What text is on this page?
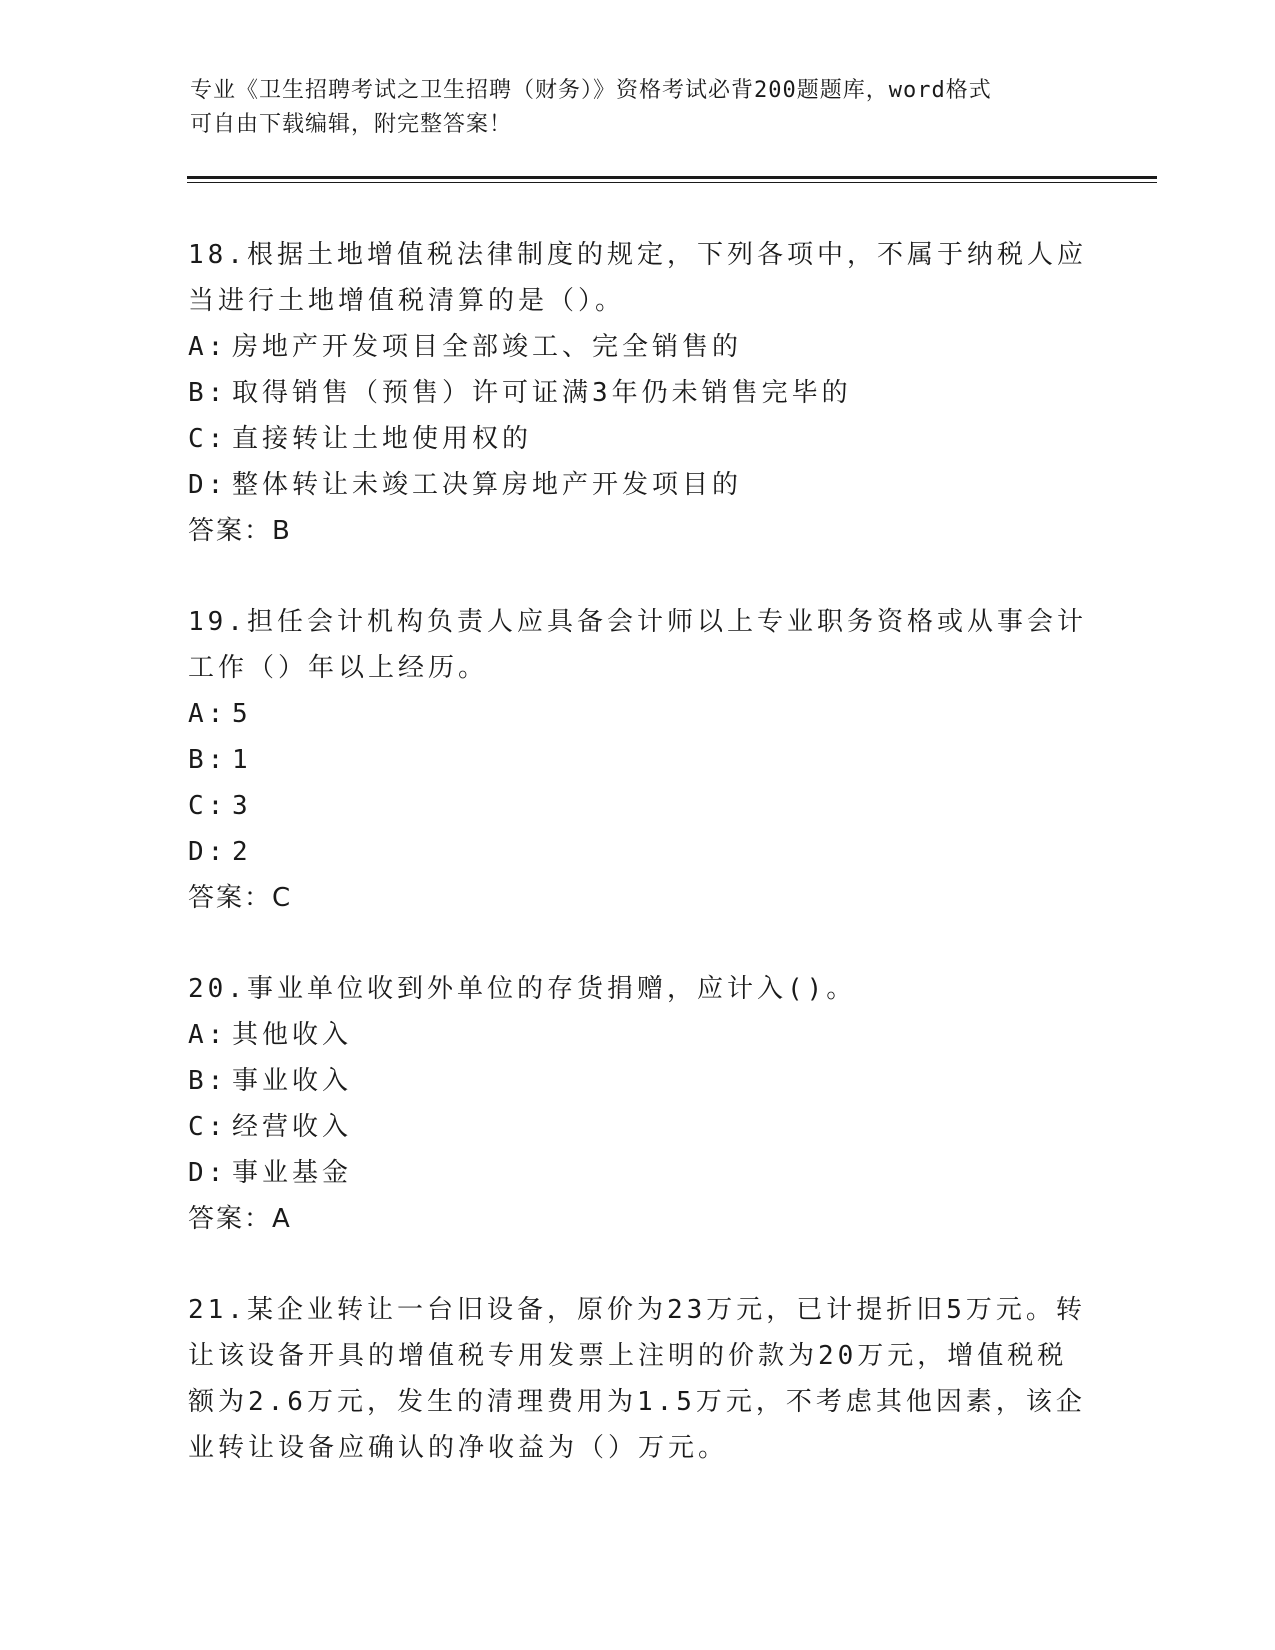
专业《卫生招聘考试之卫生招聘（财务）》资格考试必背200题题库，word格式
可自由下载编辑，附完整答案！

18.根据土地增值税法律制度的规定，下列各项中，不属于纳税人应当进行土地增值税清算的是（）。

A: 房地产开发项目全部竣工、完全销售的
B: 取得销售（预售）许可证满3年仍未销售完毕的
C: 直接转让土地使用权的
D: 整体转让未竣工决算房地产开发项目的

答案：B

19.担任会计机构负责人应具备会计师以上专业职务资格或从事会计工作（）年以上经历。

A: 5
B: 1
C: 3
D: 2

答案：C

20.事业单位收到外单位的存货捐赠，应计入()。

A: 其他收入
B: 事业收入
C: 经营收入
D: 事业基金

答案：A

21.某企业转让一台旧设备，原价为23万元，已计提折旧5万元。转让该设备开具的增值税专用发票上注明的价款为20万元，增值税税额为2.6万元，发生的清理费用为1.5万元，不考虑其他因素，该企业转让设备应确认的净收益为（）万元。
